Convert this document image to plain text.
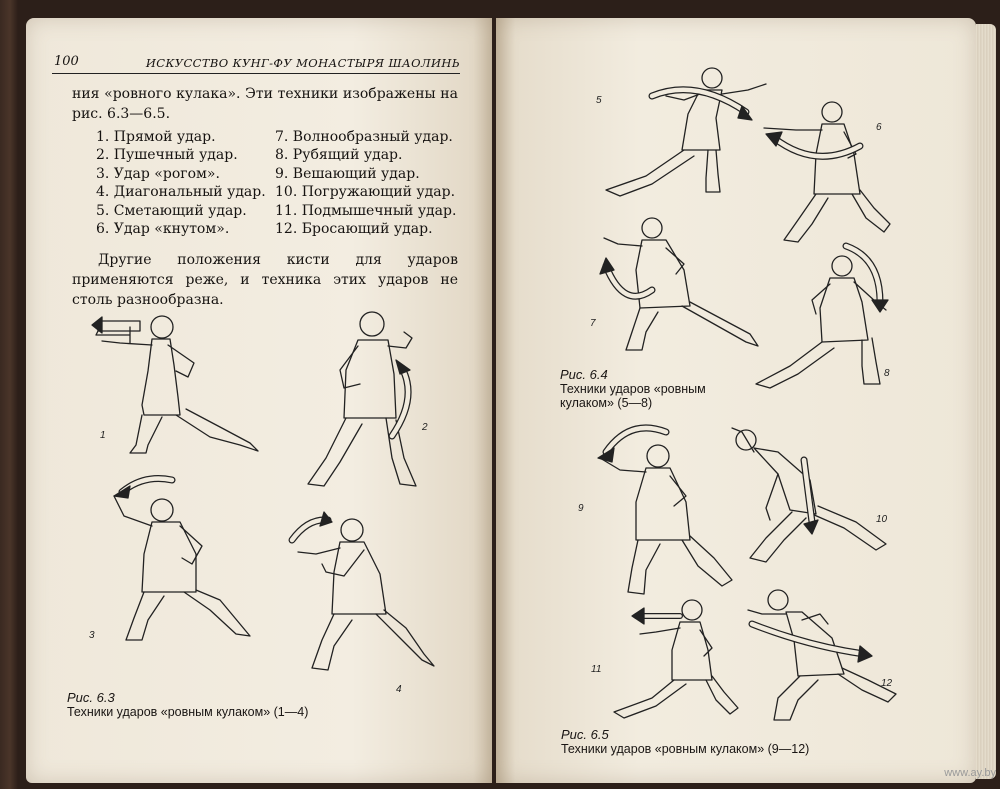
100	ИСКУССТВО КУНГ-ФУ МОНАСТЫРЯ ШАОЛИНЬ
ния «ровного кулака». Эти техники изображены на рис. 6.3—6.5.
1. Прямой удар.
2. Пушечный удар.
3. Удар «рогом».
4. Диагональный удар.
5. Сметающий удар.
6. Удар «кнутом».
7. Волнообразный удар.
8. Рубящий удар.
9. Вешающий удар.
10. Погружающий удар.
11. Подмышечный удар.
12. Бросающий удар.
Другие положения кисти для ударов применяются реже, и техника этих ударов не столь разнообразна.
1
2
3
4
Рис. 6.3
Техники ударов «ровным кулаком» (1—4)
5
6
7
8
Рис. 6.4
Техники ударов «ровным
кулаком» (5—8)
9
10
11
12
Рис. 6.5
Техники ударов «ровным кулаком» (9—12)
www.ay.by
